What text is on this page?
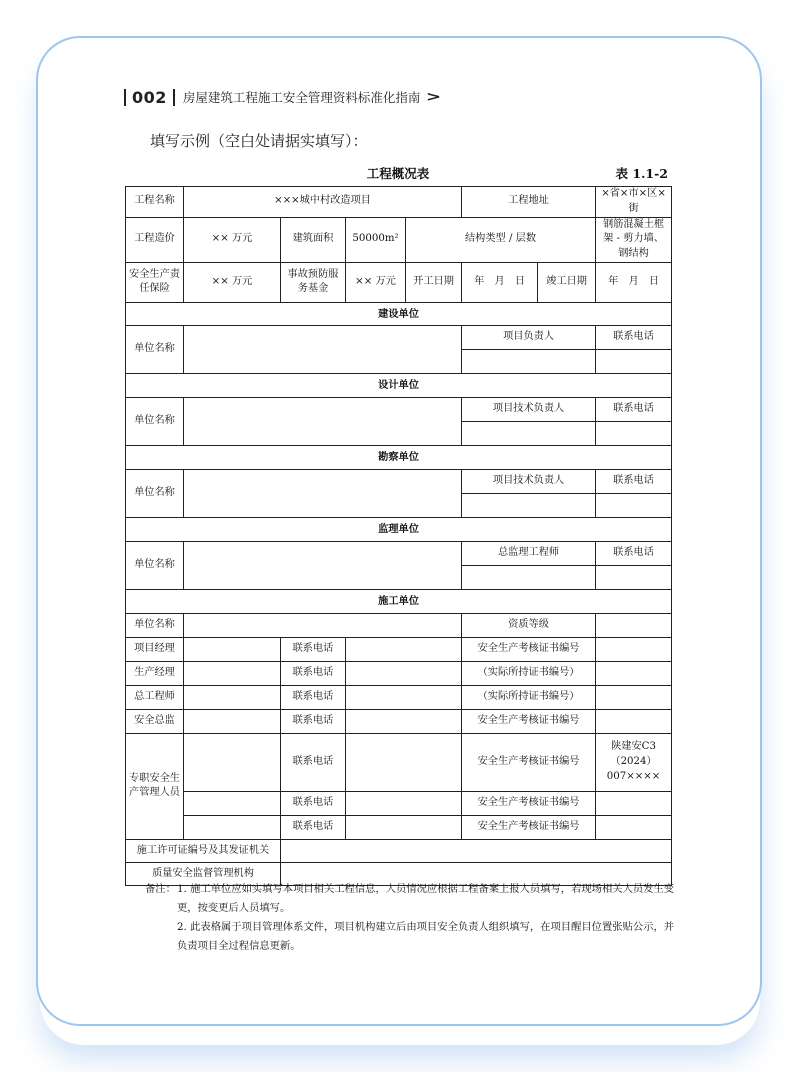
002 房屋建筑工程施工安全管理资料标准化指南 >
填写示例（空白处请据实填写）：
工程概况表	表 1.1-2
工程名称	×××城中村改造项目				工程地址		×省×市×区×街
工程造价	×× 万元	建筑面积	50000m²	结构类型 / 层数			钢筋混凝土框架 - 剪力墙、钢结构
安全生产责任保险	×× 万元	事故预防服务基金	×× 万元	开工日期	年　月　日	竣工日期	年　月　日
建设单位							
单位名称					项目负责人		联系电话

设计单位							
单位名称					项目技术负责人		联系电话

勘察单位							
单位名称					项目技术负责人		联系电话

监理单位							
单位名称					总监理工程师		联系电话

施工单位							
单位名称					资质等级		
项目经理		联系电话			安全生产考核证书编号		
生产经理		联系电话			（实际所持证书编号）		
总工程师		联系电话			（实际所持证书编号）		
安全总监		联系电话			安全生产考核证书编号		
专职安全生产管理人员		联系电话			安全生产考核证书编号		陕建安C3（2024）007××××
		联系电话			安全生产考核证书编号		
		联系电话			安全生产考核证书编号		
施工许可证编号及其发证机关							
质量安全监督管理机构							
备注： 1. 施工单位应如实填写本项目相关工程信息，人员情况应根据工程备案上报人员填写，若现场相关人员发生变更，按变更后人员填写。
2. 此表格属于项目管理体系文件，项目机构建立后由项目安全负责人组织填写，在项目醒目位置张贴公示，并负责项目全过程信息更新。
